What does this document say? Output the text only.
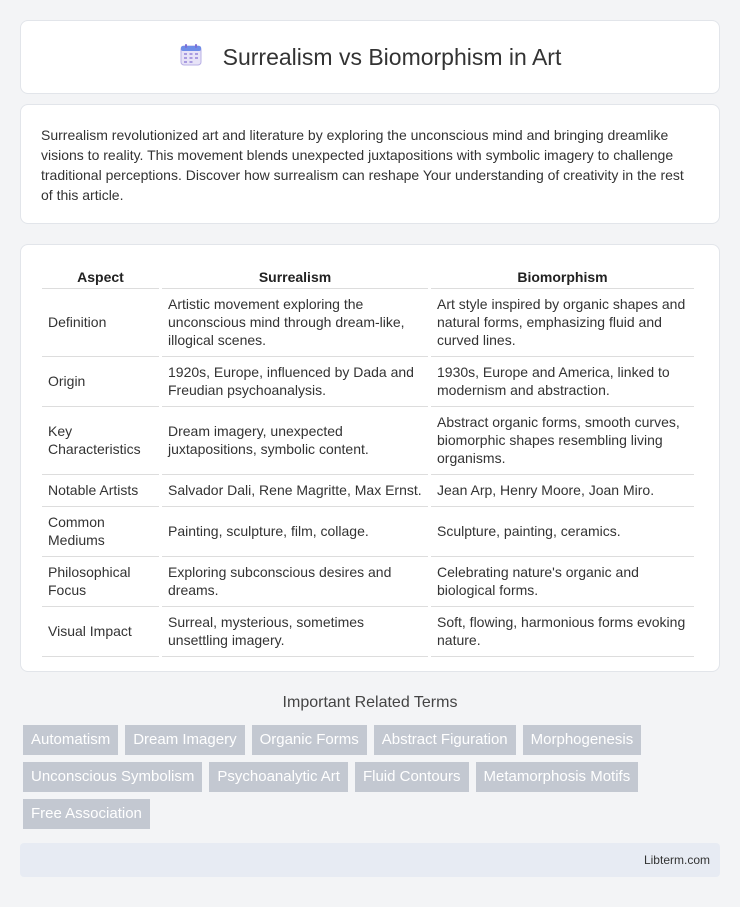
Surrealism vs Biomorphism in Art

Surrealism revolutionized art and literature by exploring the unconscious mind and bringing dreamlike visions to reality. This movement blends unexpected juxtapositions with symbolic imagery to challenge traditional perceptions. Discover how surrealism can reshape Your understanding of creativity in the rest of this article.

Aspect	Surrealism	Biomorphism
Definition	Artistic movement exploring the unconscious mind through dream-like, illogical scenes.	Art style inspired by organic shapes and natural forms, emphasizing fluid and curved lines.
Origin	1920s, Europe, influenced by Dada and Freudian psychoanalysis.	1930s, Europe and America, linked to modernism and abstraction.
Key Characteristics	Dream imagery, unexpected juxtapositions, symbolic content.	Abstract organic forms, smooth curves, biomorphic shapes resembling living organisms.
Notable Artists	Salvador Dali, Rene Magritte, Max Ernst.	Jean Arp, Henry Moore, Joan Miro.
Common Mediums	Painting, sculpture, film, collage.	Sculpture, painting, ceramics.
Philosophical Focus	Exploring subconscious desires and dreams.	Celebrating nature's organic and biological forms.
Visual Impact	Surreal, mysterious, sometimes unsettling imagery.	Soft, flowing, harmonious forms evoking nature.
Important Related Terms
Automatism	Dream Imagery	Organic Forms	Abstract Figuration	Morphogenesis
Unconscious Symbolism	Psychoanalytic Art	Fluid Contours	Metamorphosis Motifs
Free Association
Libterm.com
